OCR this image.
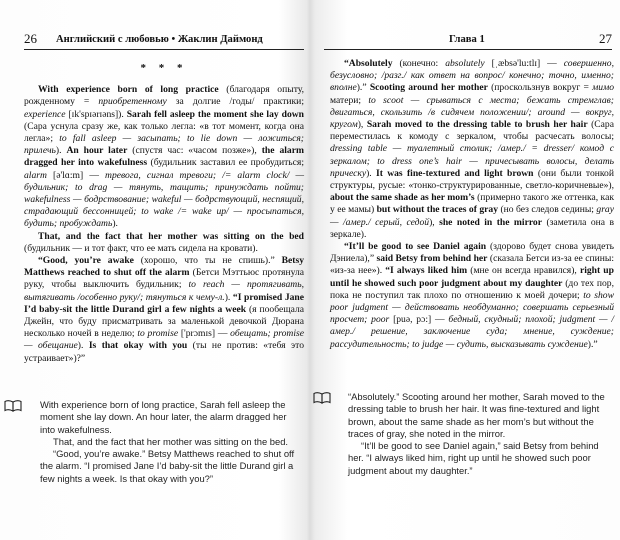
26 Английский с любовью • Жаклин Даймонд

* * *

With experience born of long practice (благодаря опыту, рожденному = приобретенному за долгие /годы/ практики; experience [ɪk'spɪərɪəns]). Sarah fell asleep the moment she lay down (Сара уснула сразу же, как только легла: «в тот момент, когда она легла»; to fall asleep — засыпать; to lie down — ложиться; прилечь). An hour later (спустя час: «часом позже»), the alarm dragged her into wakefulness (будильник заставил ее пробудиться; alarm [ə'lɑ:m] — тревога, сигнал тревоги; /= alarm clock/ — будильник; to drag — тянуть, тащить; принуждать пойти; wakefulness — бодрствование; wakeful — бодрствующий, неспящий, страдающий бессонницей; to wake /= wake up/ — просыпаться, будить; пробуждать).

That, and the fact that her mother was sitting on the bed (будильник — и тот факт, что ее мать сидела на кровати).

“Good, you’re awake (хорошо, что ты не спишь).” Betsy Matthews reached to shut off the alarm (Бетси Мэттьюс протянула руку, чтобы выключить будильник; to reach — протягивать, вытягивать /особенно руку/; тянуться к чему-л.). “I promised Jane I’d baby-sit the little Durand girl a few nights a week (я пообещала Джейн, что буду присматривать за маленькой девочкой Дюрана несколько ночей в неделю; to promise ['prɔmɪs] — обещать; promise — обещание). Is that okay with you (ты не против: «тебя это устраивает»)?”

With experience born of long practice, Sarah fell asleep the moment she lay down. An hour later, the alarm dragged her into wakefulness.

That, and the fact that her mother was sitting on the bed.

“Good, you’re awake.” Betsy Matthews reached to shut off the alarm. “I promised Jane I’d baby-sit the little Durand girl a few nights a week. Is that okay with you?”

Глава 1	27

“Absolutely (конечно: absolutely [ˌæbsə'lu:tlɪ] — совершенно, безусловно; /разг./ как ответ на вопрос/ конечно; точно, именно; вполне).” Scooting around her mother (проскользнув вокруг = мимо матери; to scoot — срываться с места; бежать стремглав; двигаться, скользить /в сидячем положении/; around — вокруг, кругом), Sarah moved to the dressing table to brush her hair (Сара переместилась к комоду с зеркалом, чтобы расчесать волосы; dressing table — туалетный столик; /амер./ = dresser/ комод с зеркалом; to dress one’s hair — причесывать волосы, делать прическу). It was fine-textured and light brown (они были тонкой структуры, русые: «тонко-структурированные, светло-коричневые»), about the same shade as her mom’s (примерно такого же оттенка, как у ее мамы) but without the traces of gray (но без следов седины; gray — /амер./ серый, седой), she noted in the mirror (заметила она в зеркале).

“It’ll be good to see Daniel again (здорово будет снова увидеть Дэниела),” said Betsy from behind her (сказала Бетси из-за ее спины: «из-за нее»). “I always liked him (мне он всегда нравился), right up until he showed such poor judgment about my daughter (до тех пор, пока не поступил так плохо по отношению к моей дочери; to show poor judgment — действовать необдуманно; совершать серьезный просчет; poor [puə, pɔ:] — бедный, скудный; плохой; judgment — /амер./ решение, заключение суда; мнение, суждение; рассудительность; to judge — судить, высказывать суждение).”

“Absolutely.” Scooting around her mother, Sarah moved to the dressing table to brush her hair. It was fine-textured and light brown, about the same shade as her mom’s but without the traces of gray, she noted in the mirror.

“It’ll be good to see Daniel again,” said Betsy from behind her. “I always liked him, right up until he showed such poor judgment about my daughter.”
